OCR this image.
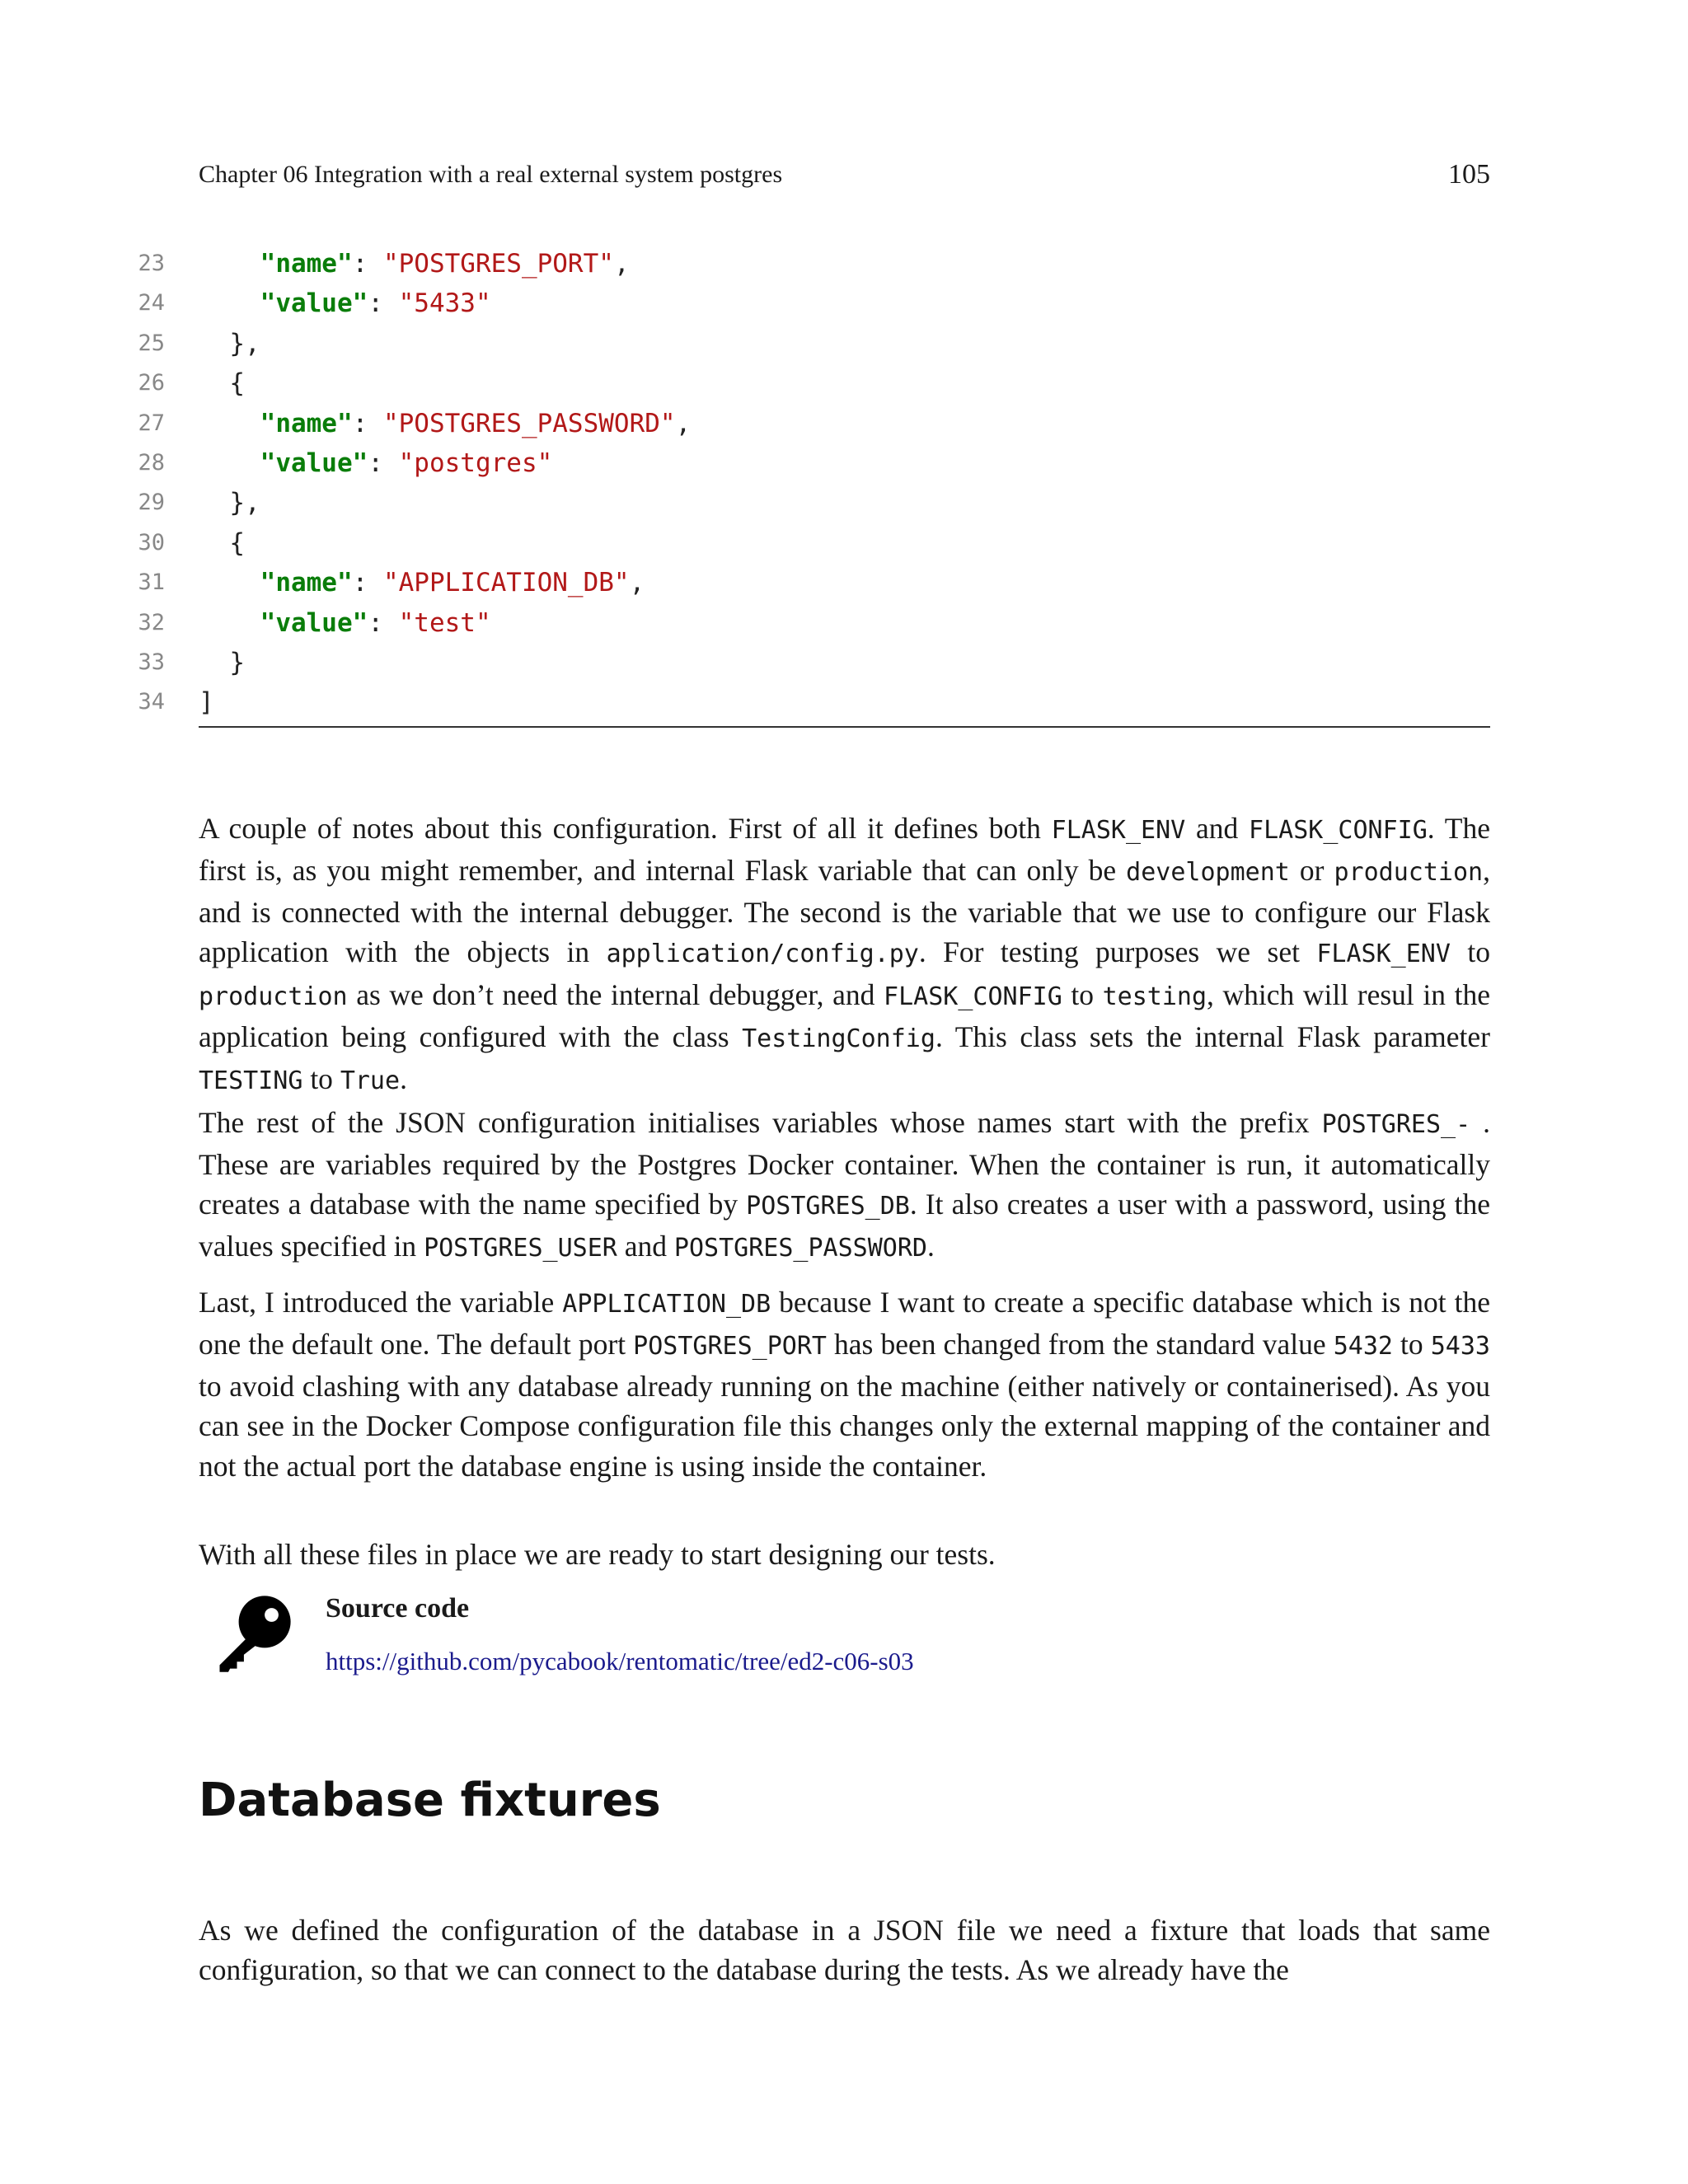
Chapter 06 Integration with a real external system postgres	105
23	"name": "POSTGRES_PORT",
24	"value": "5433"
25	},
26	{
27	"name": "POSTGRES_PASSWORD",
28	"value": "postgres"
29	},
30	{
31	"name": "APPLICATION_DB",
32	"value": "test"
33	}
34 ]

A couple of notes about this configuration. First of all it defines both FLASK_ENV and FLASK_CONFIG. The first is, as you might remember, and internal Flask variable that can only be development or production, and is connected with the internal debugger. The second is the variable that we use to configure our Flask application with the objects in application/config.py. For testing purposes we set FLASK_ENV to production as we don’t need the internal debugger, and FLASK_CONFIG to testing, which will resul in the application being configured with the class TestingConfig. This class sets the internal Flask parameter TESTING to True.

The rest of the JSON configuration initialises variables whose names start with the prefix POSTGRES_- . These are variables required by the Postgres Docker container. When the container is run, it automatically creates a database with the name specified by POSTGRES_DB. It also creates a user with a password, using the values specified in POSTGRES_USER and POSTGRES_PASSWORD.

Last, I introduced the variable APPLICATION_DB because I want to create a specific database which is not the one the default one. The default port POSTGRES_PORT has been changed from the standard value 5432 to 5433 to avoid clashing with any database already running on the machine (either natively or containerised). As you can see in the Docker Compose configuration file this changes only the external mapping of the container and not the actual port the database engine is using inside the container.

With all these files in place we are ready to start designing our tests.

Source code
https://github.com/pycabook/rentomatic/tree/ed2-c06-s03
Database fixtures

As we defined the configuration of the database in a JSON file we need a fixture that loads that same configuration, so that we can connect to the database during the tests. As we already have the
